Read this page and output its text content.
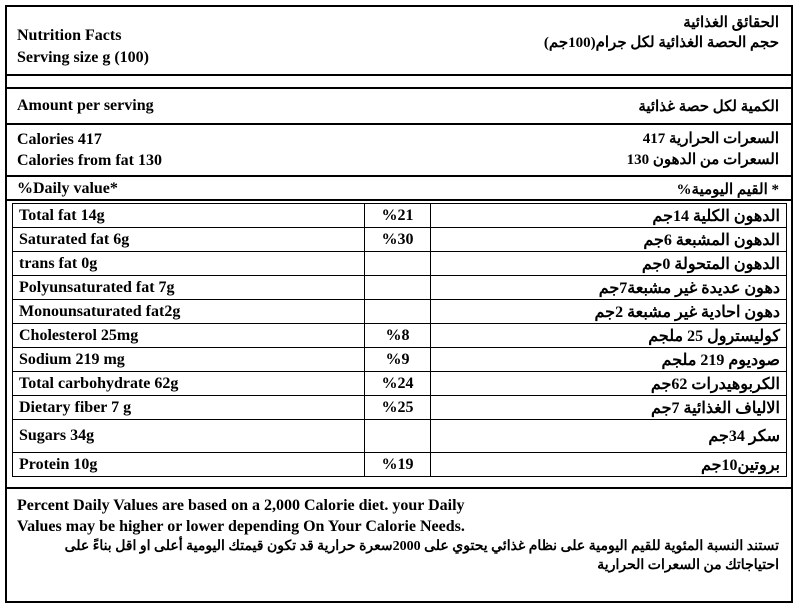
Nutrition Facts
Serving size g (100)
الحقائق الغذائية
حجم الحصة الغذائية لكل جرام(100جم)
Amount per serving	الكمية لكل حصة غذائية
Calories 417
Calories from fat 130
السعرات الحرارية 417
السعرات من الدهون 130
%Daily value*	* القيم اليومية%
Total fat 14g	%21	الدهون الكلية 14جم
Saturated fat 6g	%30	الدهون المشبعة 6جم
trans fat 0g		الدهون المتحولة 0جم
Polyunsaturated fat 7g		دهون عديدة غير مشبعة7جم
Monounsaturated fat2g		دهون احادية غير مشبعة 2جم
Cholesterol 25mg	%8	كوليسترول 25 ملجم
Sodium 219 mg	%9	صوديوم 219 ملجم
Total carbohydrate 62g	%24	الكربوهيدرات 62جم
Dietary fiber 7 g	%25	الالياف الغذائية 7جم
Sugars 34g		سكر 34جم
Protein 10g	%19	بروتين10جم
Percent Daily Values are based on a 2,000 Calorie diet. your Daily
Values may be higher or lower depending On Your Calorie Needs.
تستند النسبة المئوية للقيم اليومية على نظام غذائي يحتوي على 2000سعرة حرارية قد تكون قيمتك اليومية أعلى او اقل بناءً على احتياجاتك من السعرات الحرارية
